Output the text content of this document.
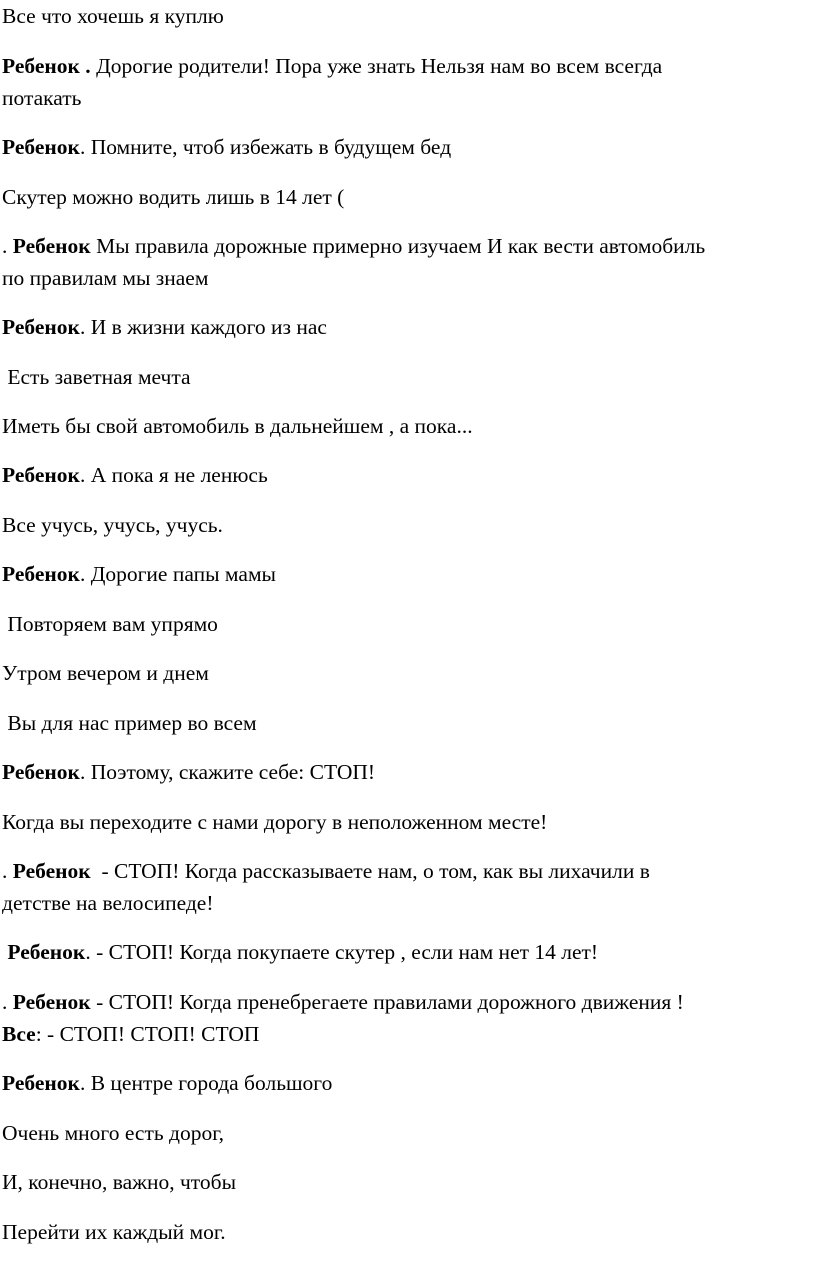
Все что хочешь я куплю

Ребенок . Дорогие родители! Пора уже знать Нельзя нам во всем всегда
потакать

Ребенок. Помните, чтоб избежать в будущем бед

Скутер можно водить лишь в 14 лет (

. Ребенок Мы правила дорожные примерно изучаем И как вести автомобиль
по правилам мы знаем

Ребенок. И в жизни каждого из нас

Есть заветная мечта

Иметь бы свой автомобиль в дальнейшем , а пока...

Ребенок. А пока я не ленюсь

Все учусь, учусь, учусь.

Ребенок. Дорогие папы мамы

Повторяем вам упрямо

Утром вечером и днем

Вы для нас пример во всем

Ребенок. Поэтому, скажите себе: СТОП!

Когда вы переходите с нами дорогу в неположенном месте!

. Ребенок  - СТОП! Когда рассказываете нам, о том, как вы лихачили в
детстве на велосипеде!

Ребенок. - СТОП! Когда покупаете скутер , если нам нет 14 лет!

. Ребенок - СТОП! Когда пренебрегаете правилами дорожного движения !
Все: - СТОП! СТОП! СТОП

Ребенок. В центре города большого

Очень много есть дорог,

И, конечно, важно, чтобы

Перейти их каждый мог.
